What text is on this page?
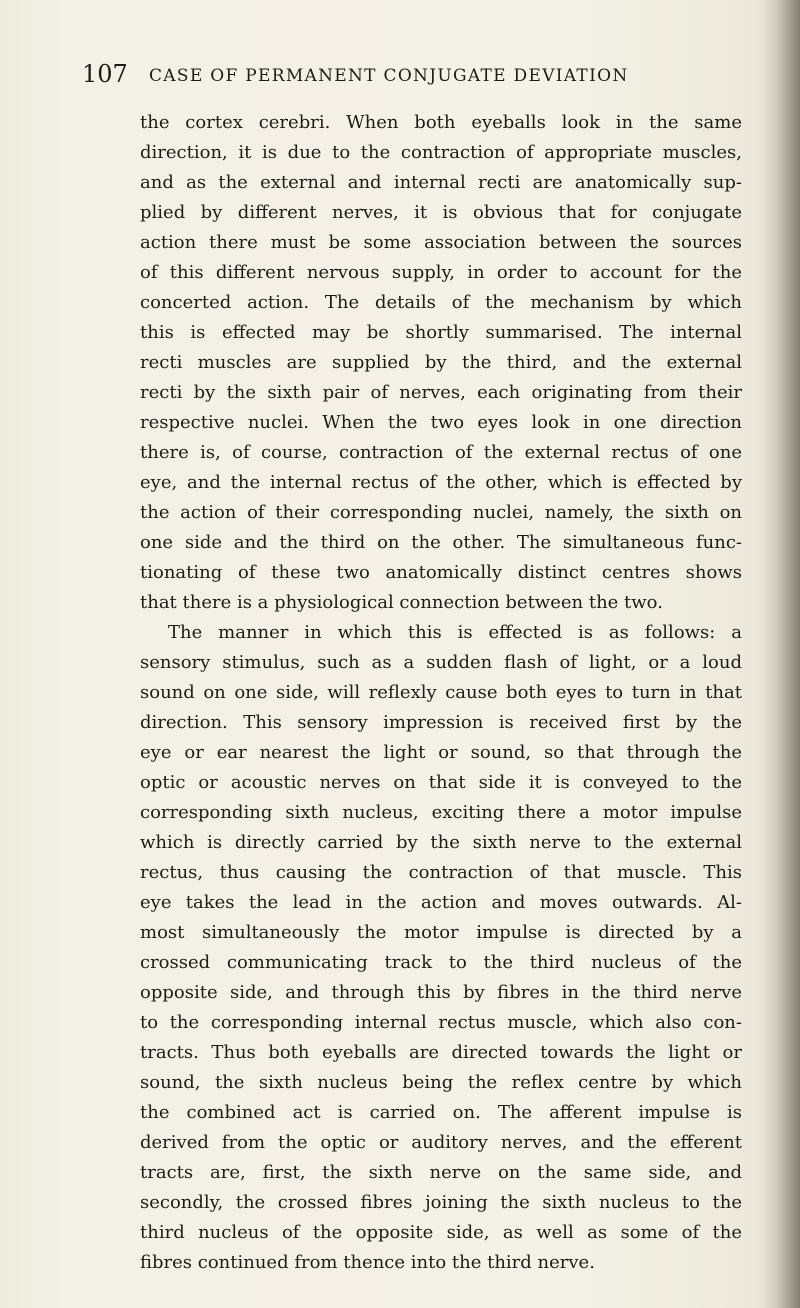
107 CASE OF PERMANENT CONJUGATE DEVIATION
the cortex cerebri. When both eyeballs look in the same
direction, it is due to the contraction of appropriate muscles,
and as the external and internal recti are anatomically sup-
plied by different nerves, it is obvious that for conjugate
action there must be some association between the sources
of this different nervous supply, in order to account for the
concerted action. The details of the mechanism by which
this is effected may be shortly summarised. The internal
recti muscles are supplied by the third, and the external
recti by the sixth pair of nerves, each originating from their
respective nuclei. When the two eyes look in one direction
there is, of course, contraction of the external rectus of one
eye, and the internal rectus of the other, which is effected by
the action of their corresponding nuclei, namely, the sixth on
one side and the third on the other. The simultaneous func-
tionating of these two anatomically distinct centres shows
that there is a physiological connection between the two.
The manner in which this is effected is as follows: a
sensory stimulus, such as a sudden flash of light, or a loud
sound on one side, will reflexly cause both eyes to turn in that
direction. This sensory impression is received first by the
eye or ear nearest the light or sound, so that through the
optic or acoustic nerves on that side it is conveyed to the
corresponding sixth nucleus, exciting there a motor impulse
which is directly carried by the sixth nerve to the external
rectus, thus causing the contraction of that muscle. This
eye takes the lead in the action and moves outwards. Al-
most simultaneously the motor impulse is directed by a
crossed communicating track to the third nucleus of the
opposite side, and through this by fibres in the third nerve
to the corresponding internal rectus muscle, which also con-
tracts. Thus both eyeballs are directed towards the light or
sound, the sixth nucleus being the reflex centre by which
the combined act is carried on. The afferent impulse is
derived from the optic or auditory nerves, and the efferent
tracts are, first, the sixth nerve on the same side, and
secondly, the crossed fibres joining the sixth nucleus to the
third nucleus of the opposite side, as well as some of the
fibres continued from thence into the third nerve.
